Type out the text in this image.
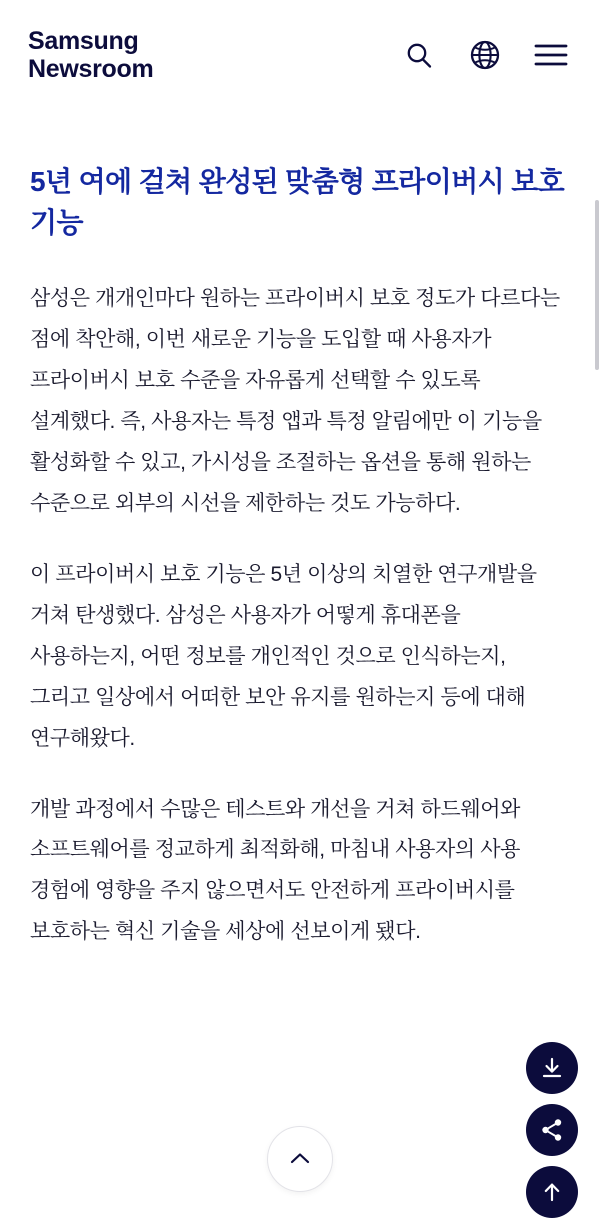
Samsung
Newsroom
5년 여에 걸쳐 완성된 맞춤형 프라이버시 보호 기능

삼성은 개개인마다 원하는 프라이버시 보호 정도가 다르다는 점에 착안해, 이번 새로운 기능을 도입할 때 사용자가 프라이버시 보호 수준을 자유롭게 선택할 수 있도록 설계했다. 즉, 사용자는 특정 앱과 특정 알림에만 이 기능을 활성화할 수 있고, 가시성을 조절하는 옵션을 통해 원하는 수준으로 외부의 시선을 제한하는 것도 가능하다.

이 프라이버시 보호 기능은 5년 이상의 치열한 연구개발을 거쳐 탄생했다. 삼성은 사용자가 어떻게 휴대폰을 사용하는지, 어떤 정보를 개인적인 것으로 인식하는지, 그리고 일상에서 어떠한 보안 유지를 원하는지 등에 대해 연구해왔다.

개발 과정에서 수많은 테스트와 개선을 거쳐 하드웨어와 소프트웨어를 정교하게 최적화해, 마침내 사용자의 사용 경험에 영향을 주지 않으면서도 안전하게 프라이버시를 보호하는 혁신 기술을 세상에 선보이게 됐다.
